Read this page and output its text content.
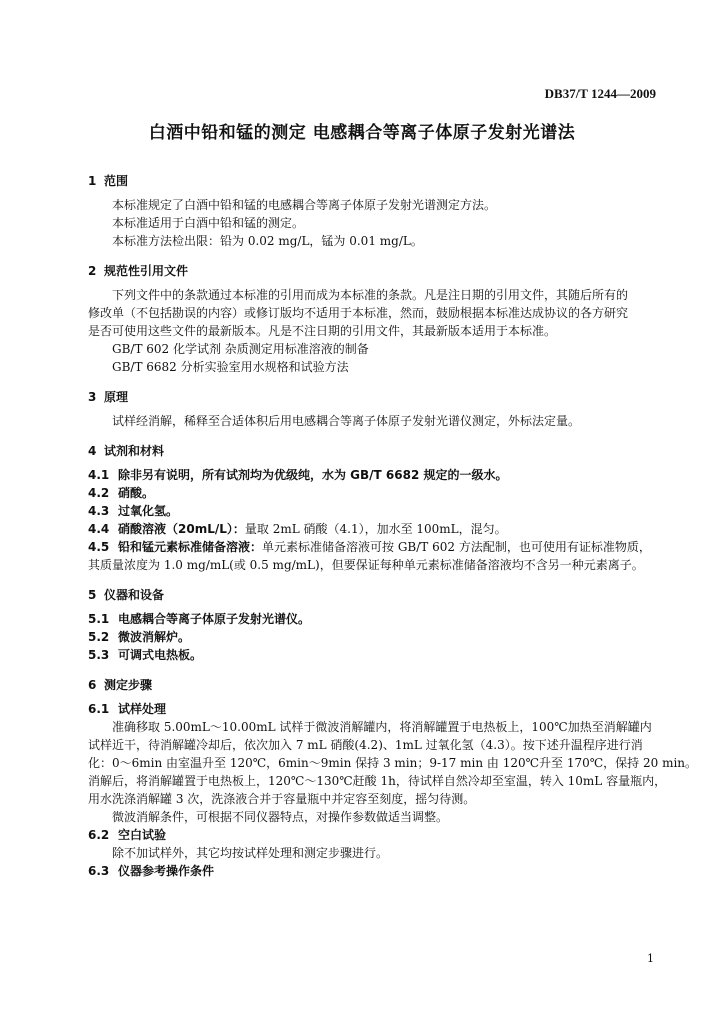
DB37/T 1244—2009
白酒中铅和锰的测定 电感耦合等离子体原子发射光谱法
1 范围
本标准规定了白酒中铅和锰的电感耦合等离子体原子发射光谱测定方法。
本标准适用于白酒中铅和锰的测定。
本标准方法检出限：铅为 0.02 mg/L，锰为 0.01 mg/L。
2 规范性引用文件
下列文件中的条款通过本标准的引用而成为本标准的条款。凡是注日期的引用文件，其随后所有的
修改单（不包括勘误的内容）或修订版均不适用于本标准，然而，鼓励根据本标准达成协议的各方研究
是否可使用这些文件的最新版本。凡是不注日期的引用文件，其最新版本适用于本标准。
GB/T 602 化学试剂 杂质测定用标准溶液的制备
GB/T 6682 分析实验室用水规格和试验方法
3 原理
试样经消解，稀释至合适体积后用电感耦合等离子体原子发射光谱仪测定，外标法定量。
4 试剂和材料
4.1 除非另有说明，所有试剂均为优级纯，水为 GB/T 6682 规定的一级水。
4.2 硝酸。
4.3 过氧化氢。
4.4 硝酸溶液（20mL/L）：量取 2mL 硝酸（4.1），加水至 100mL，混匀。
4.5 铅和锰元素标准储备溶液：单元素标准储备溶液可按 GB/T 602 方法配制，也可使用有证标准物质，
其质量浓度为 1.0 mg/mL(或 0.5 mg/mL)，但要保证每种单元素标准储备溶液均不含另一种元素离子。
5 仪器和设备
5.1 电感耦合等离子体原子发射光谱仪。
5.2 微波消解炉。
5.3 可调式电热板。
6 测定步骤
6.1 试样处理
准确移取 5.00mL～10.00mL 试样于微波消解罐内，将消解罐置于电热板上，100℃加热至消解罐内
试样近干，待消解罐冷却后，依次加入 7 mL 硝酸(4.2)、1mL 过氧化氢（4.3）。按下述升温程序进行消
化：0～6min 由室温升至 120℃，6min～9min 保持 3 min；9-17 min 由 120℃升至 170℃，保持 20 min。
消解后，将消解罐置于电热板上，120℃～130℃赶酸 1h，待试样自然冷却至室温，转入 10mL 容量瓶内，
用水洗涤消解罐 3 次，洗涤液合并于容量瓶中并定容至刻度，摇匀待测。
微波消解条件，可根据不同仪器特点，对操作参数做适当调整。
6.2 空白试验
除不加试样外，其它均按试样处理和测定步骤进行。
6.3 仪器参考操作条件
1
